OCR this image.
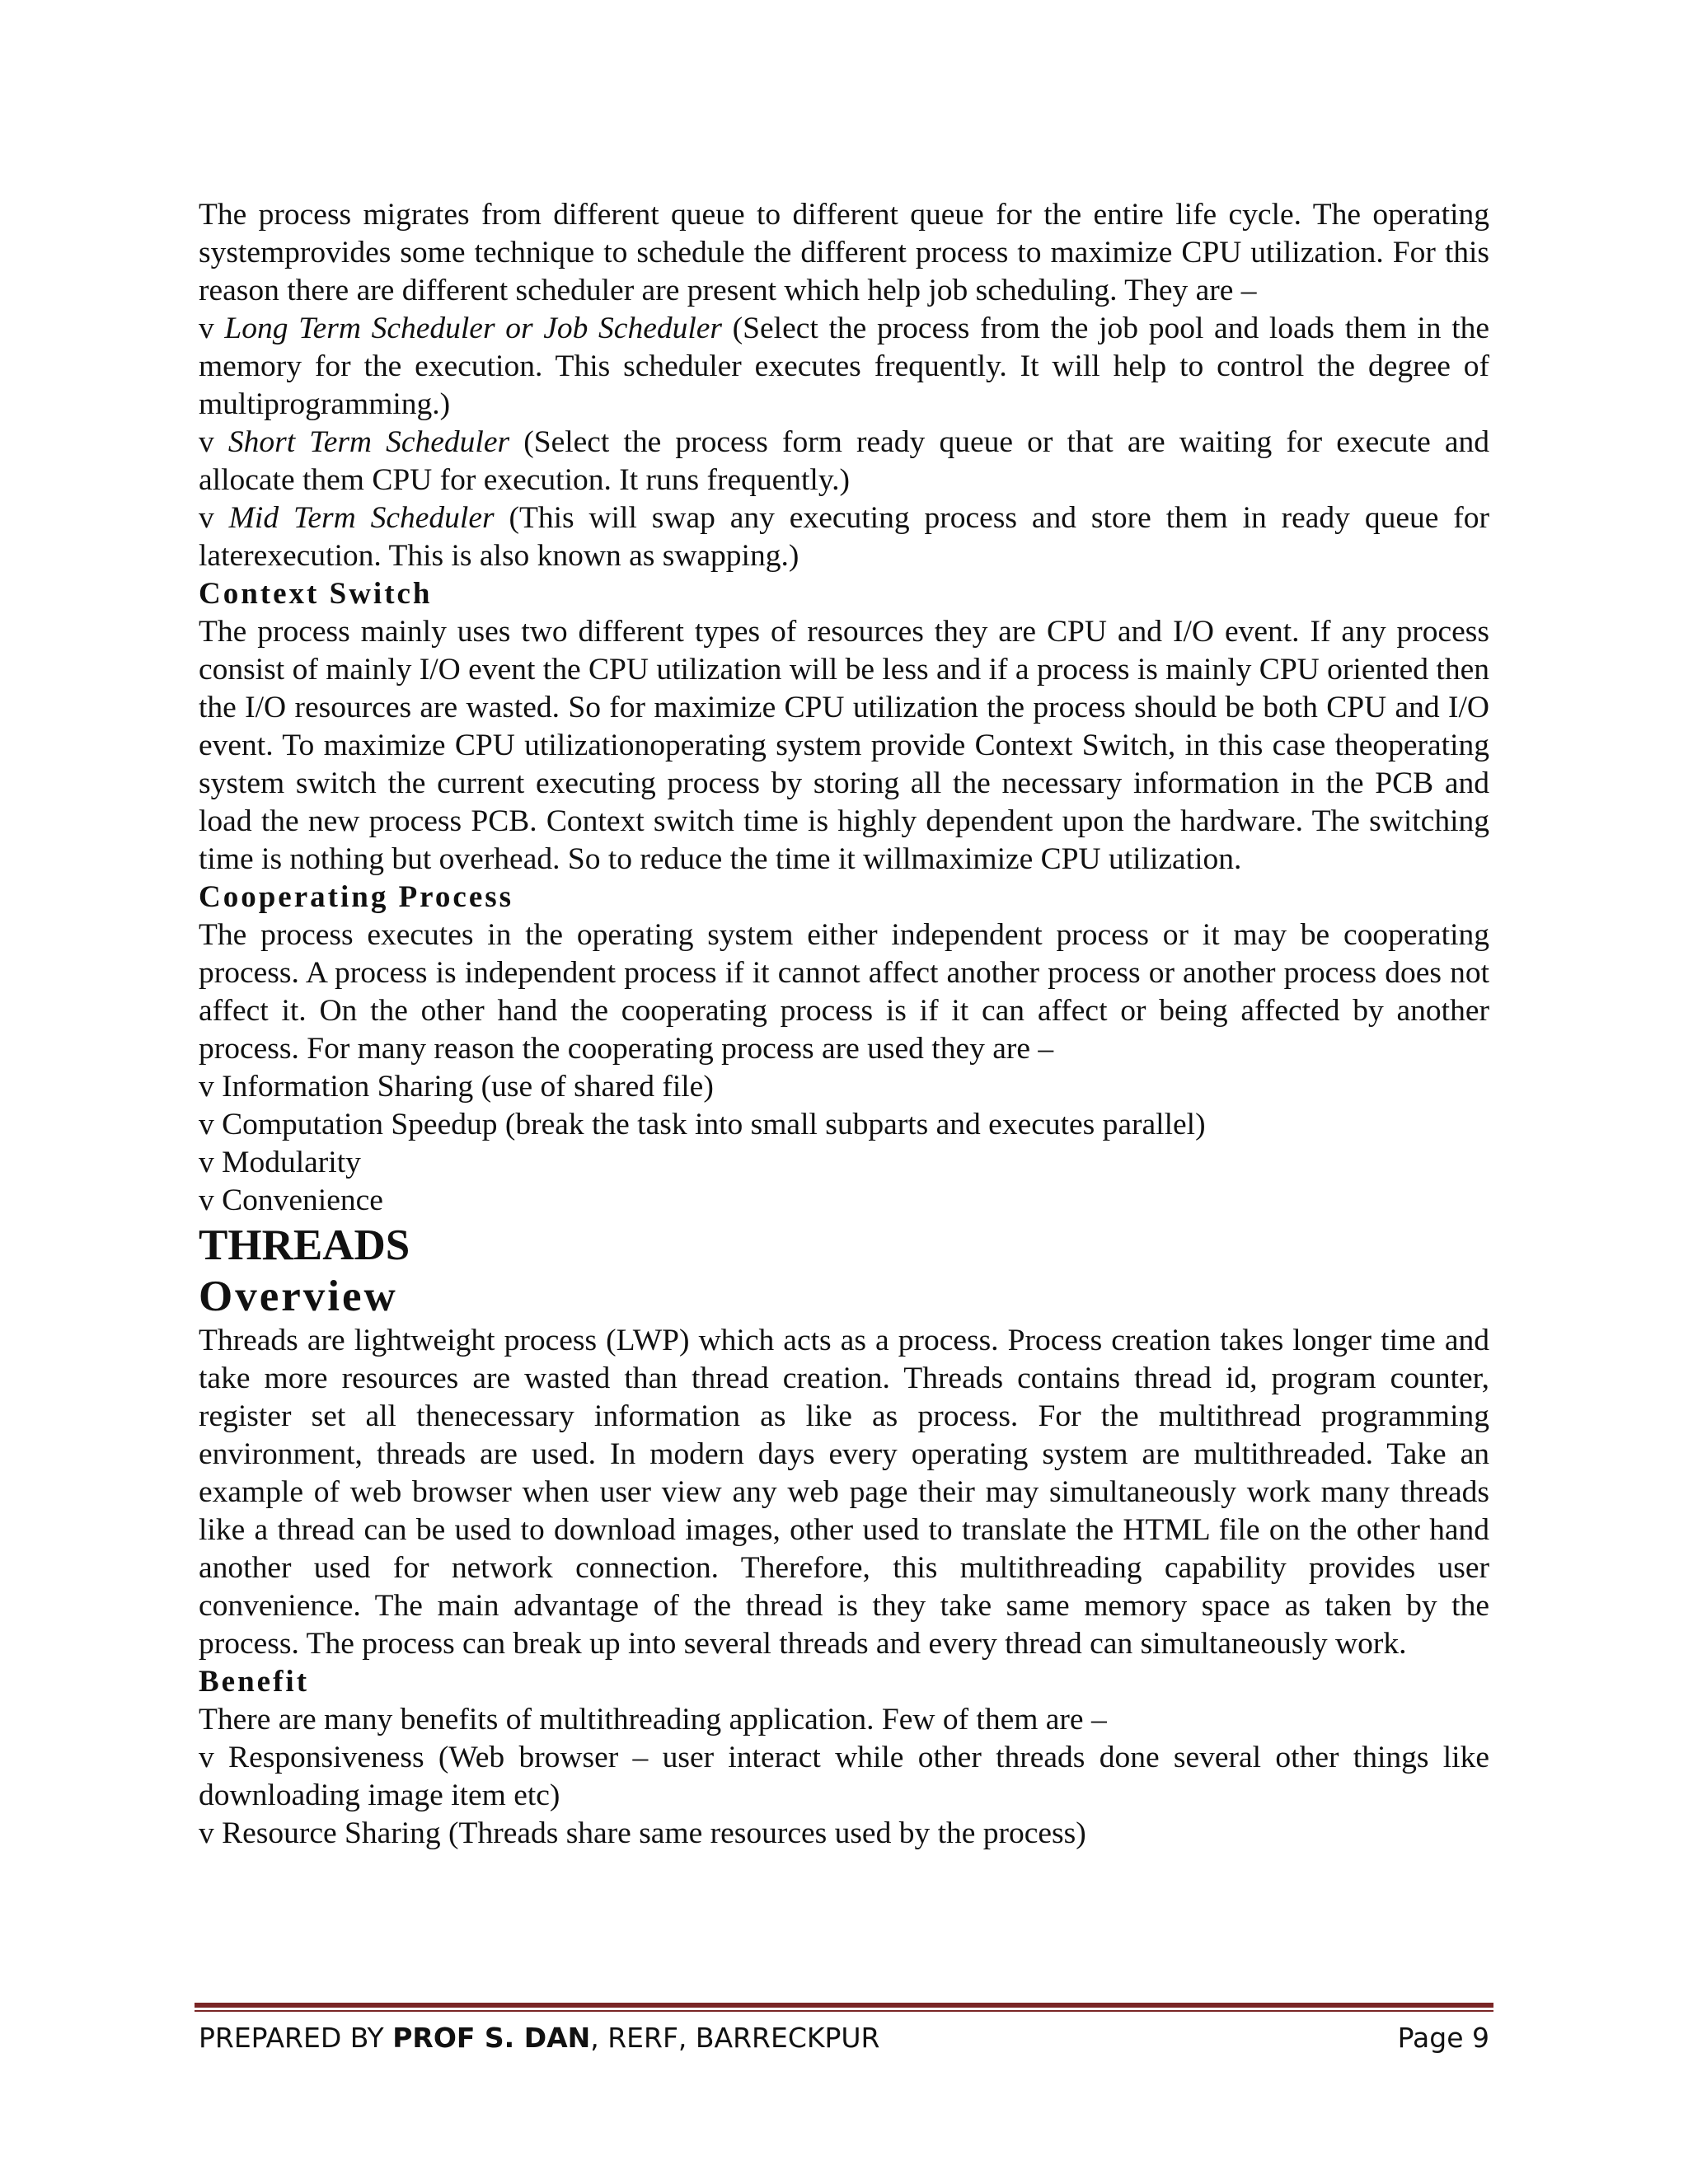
The process migrates from different queue to different queue for the entire life cycle. The operating systemprovides some technique to schedule the different process to maximize CPU utilization. For this reason there are different scheduler are present which help job scheduling. They are –

v Long Term Scheduler or Job Scheduler (Select the process from the job pool and loads them in the memory for the execution. This scheduler executes frequently. It will help to control the degree of multiprogramming.)

v Short Term Scheduler (Select the process form ready queue or that are waiting for execute and allocate them CPU for execution. It runs frequently.)

v Mid Term Scheduler (This will swap any executing process and store them in ready queue for laterexecution. This is also known as swapping.)

Context Switch

The process mainly uses two different types of resources they are CPU and I/O event. If any process consist of mainly I/O event the CPU utilization will be less and if a process is mainly CPU oriented then the I/O resources are wasted. So for maximize CPU utilization the process should be both CPU and I/O event. To maximize CPU utilizationoperating system provide Context Switch, in this case theoperating system switch the current executing process by storing all the necessary information in the PCB and load the new process PCB. Context switch time is highly dependent upon the hardware. The switching time is nothing but overhead. So to reduce the time it willmaximize CPU utilization.

Cooperating Process

The process executes in the operating system either independent process or it may be cooperating process. A process is independent process if it cannot affect another process or another process does not affect it. On the other hand the cooperating process is if it can affect or being affected by another process. For many reason the cooperating process are used they are –

v Information Sharing (use of shared file)

v Computation Speedup (break the task into small subparts and executes parallel)

v Modularity

v Convenience

THREADS
Overview

Threads are lightweight process (LWP) which acts as a process. Process creation takes longer time and take more resources are wasted than thread creation. Threads contains thread id, program counter, register set all thenecessary information as like as process. For the multithread programming environment, threads are used. In modern days every operating system are multithreaded. Take an example of web browser when user view any web page their may simultaneously work many threads like a thread can be used to download images, other used to translate the HTML file on the other hand another used for network connection. Therefore, this multithreading capability provides user convenience. The main advantage of the thread is they take same memory space as taken by the process. The process can break up into several threads and every thread can simultaneously work.

Benefit

There are many benefits of multithreading application. Few of them are –

v Responsiveness (Web browser – user interact while other threads done several other things like downloading image item etc)

v Resource Sharing (Threads share same resources used by the process)

PREPARED BY PROF S. DAN, RERF, BARRECKPUR	Page 9
